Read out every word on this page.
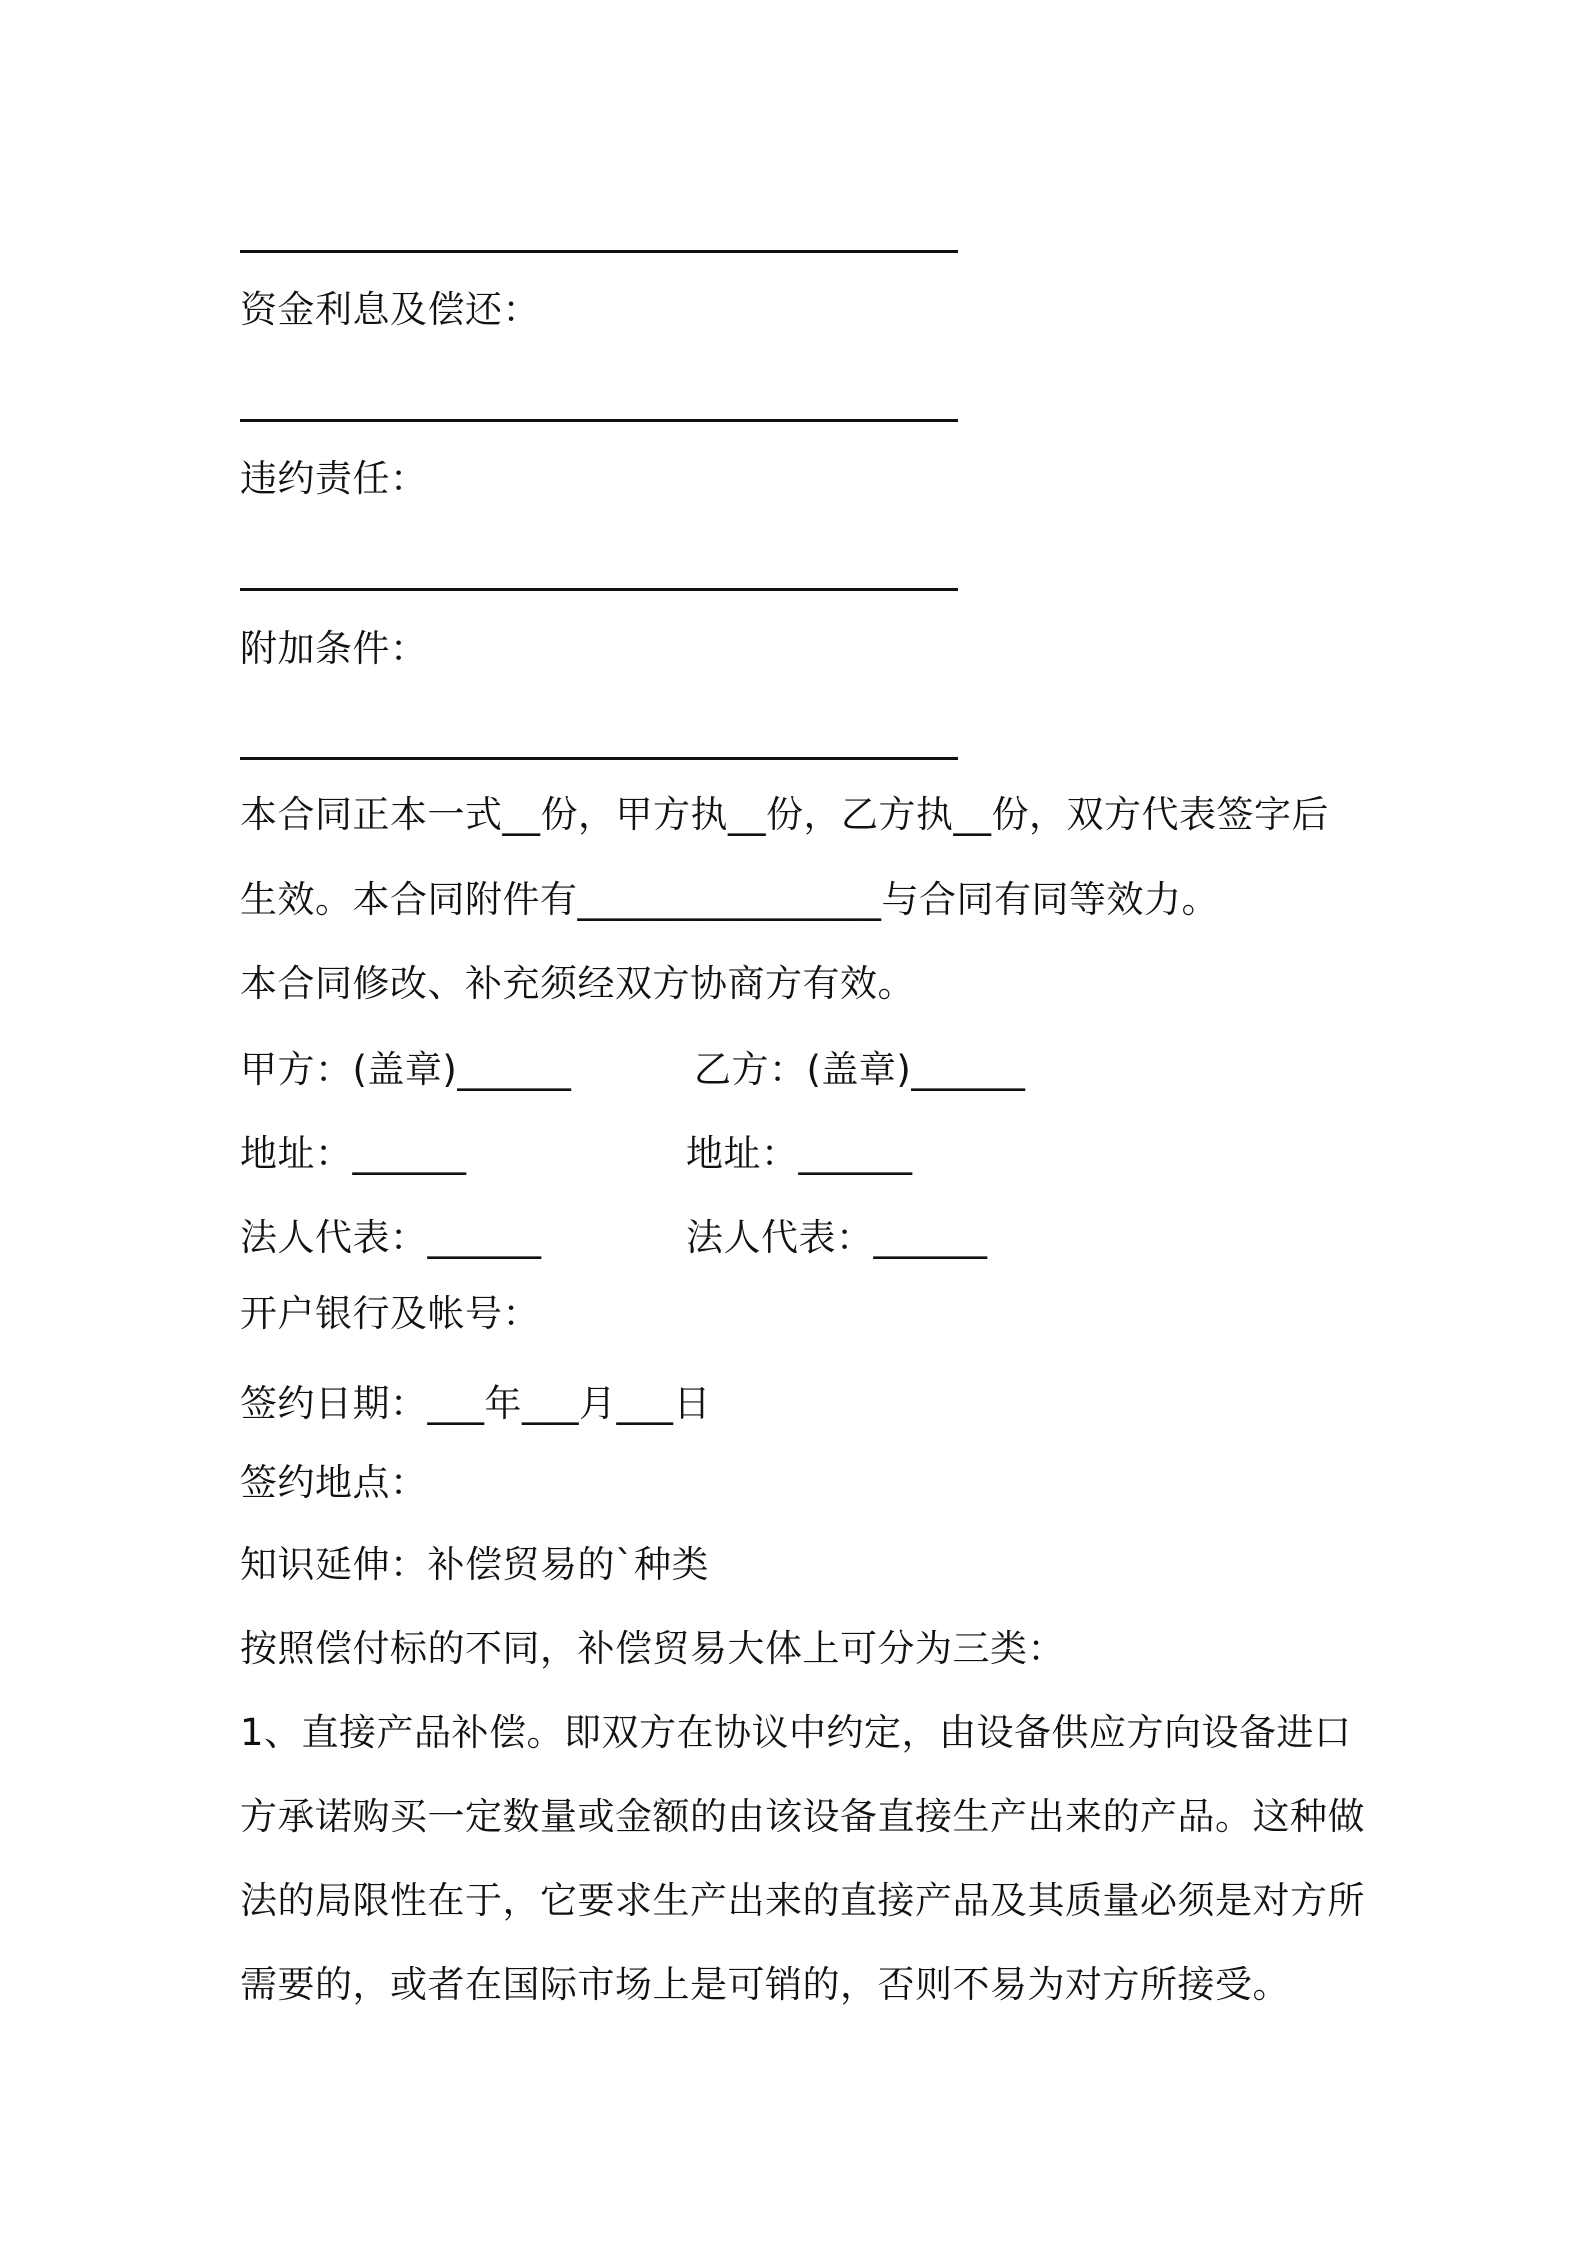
资金利息及偿还：
违约责任：
附加条件：
本合同正本一式__份，甲方执__份，乙方执__份，双方代表签字后
生效。本合同附件有________________与合同有同等效力。
本合同修改、补充须经双方协商方有效。
甲方：(盖章)______	乙方：(盖章)______
地址：______	地址：______
法人代表：______	法人代表：______
开户银行及帐号：
签约日期：___年___月___日
签约地点：
知识延伸：补偿贸易的`种类
按照偿付标的不同，补偿贸易大体上可分为三类：
1、直接产品补偿。即双方在协议中约定，由设备供应方向设备进口
方承诺购买一定数量或金额的由该设备直接生产出来的产品。这种做
法的局限性在于，它要求生产出来的直接产品及其质量必须是对方所
需要的，或者在国际市场上是可销的，否则不易为对方所接受。
